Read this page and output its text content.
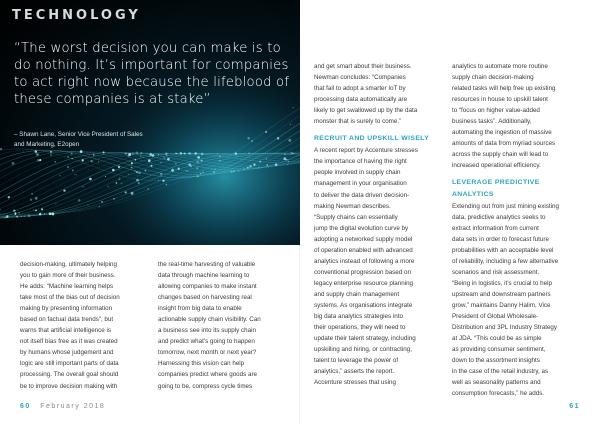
TECHNOLOGY
“The worst decision you can make is to do nothing. It’s important for companies to act right now because the lifeblood of these companies is at stake”
– Shawn Lane, Senior Vice President of Sales
and Marketing, E2open

decision-making, ultimately helping
you to gain more of their business.
He adds: “Machine learning helps
take most of the bias out of decision
making by presenting information
based on factual data trends”, but
warns that artificial intelligence is
not itself bias free as it was created
by humans whose judgement and
logic are still important parts of data
processing. The overall goal should
be to improve decision making with

the real-time harvesting of valuable
data through machine learning to
allowing companies to make instant
changes based on harvesting real
insight from big data to enable
actionable supply chain visibility. Can
a business see into its supply chain
and predict what’s going to happen
tomorrow, next month or next year?
Harnessing this vision can help
companies predict where goods are
going to be, compress cycle times

and get smart about their business.
Newman concludes: “Companies
that fail to adopt a smarter IoT by
processing data automatically are
likely to get swallowed up by the data
monster that is surely to come.”

RECRUIT AND UPSKILL WISELY

A recent report by Accenture stresses
the importance of having the right
people involved in supply chain
management in your organisation
to deliver the data driven decision-
making Newman describes.
“Supply chains can essentially
jump the digital evolution curve by
adopting a networked supply model
of operation enabled with advanced
analytics instead of following a more
conventional progression based on
legacy enterprise resource planning
and supply chain management
systems. As organisations integrate
big data analytics strategies into
their operations, they will need to
update their talent strategy, including
upskilling and hiring, or contracting,
talent to leverage the power of
analytics,” asserts the report.
Accenture stresses that using

analytics to automate more routine
supply chain decision-making
related tasks will help free up existing
resources in house to upskill talent
to “focus on higher value-added
business tasks”. Additionally,
automating the ingestion of massive
amounts of data from myriad sources
across the supply chain will lead to
increased operational efficiency.

LEVERAGE PREDICTIVE ANALYTICS

Extending out from just mining existing
data, predictive analytics seeks to
extract information from current
data sets in order to forecast future
probabilities with an acceptable level
of reliability, including a few alternative
scenarios and risk assessment.
“Being in logistics, it’s crucial to help
upstream and downstream partners
grow,” maintains Danny Halim, Vice
President of Global Wholesale-
Distribution and 3PL Industry Strategy
at JDA. “This could be as simple
as providing consumer sentiment,
down to the assortment insights
in the case of the retail industry, as
well as seasonality patterns and
consumption forecasts,” he adds.

60 February 2018	61
